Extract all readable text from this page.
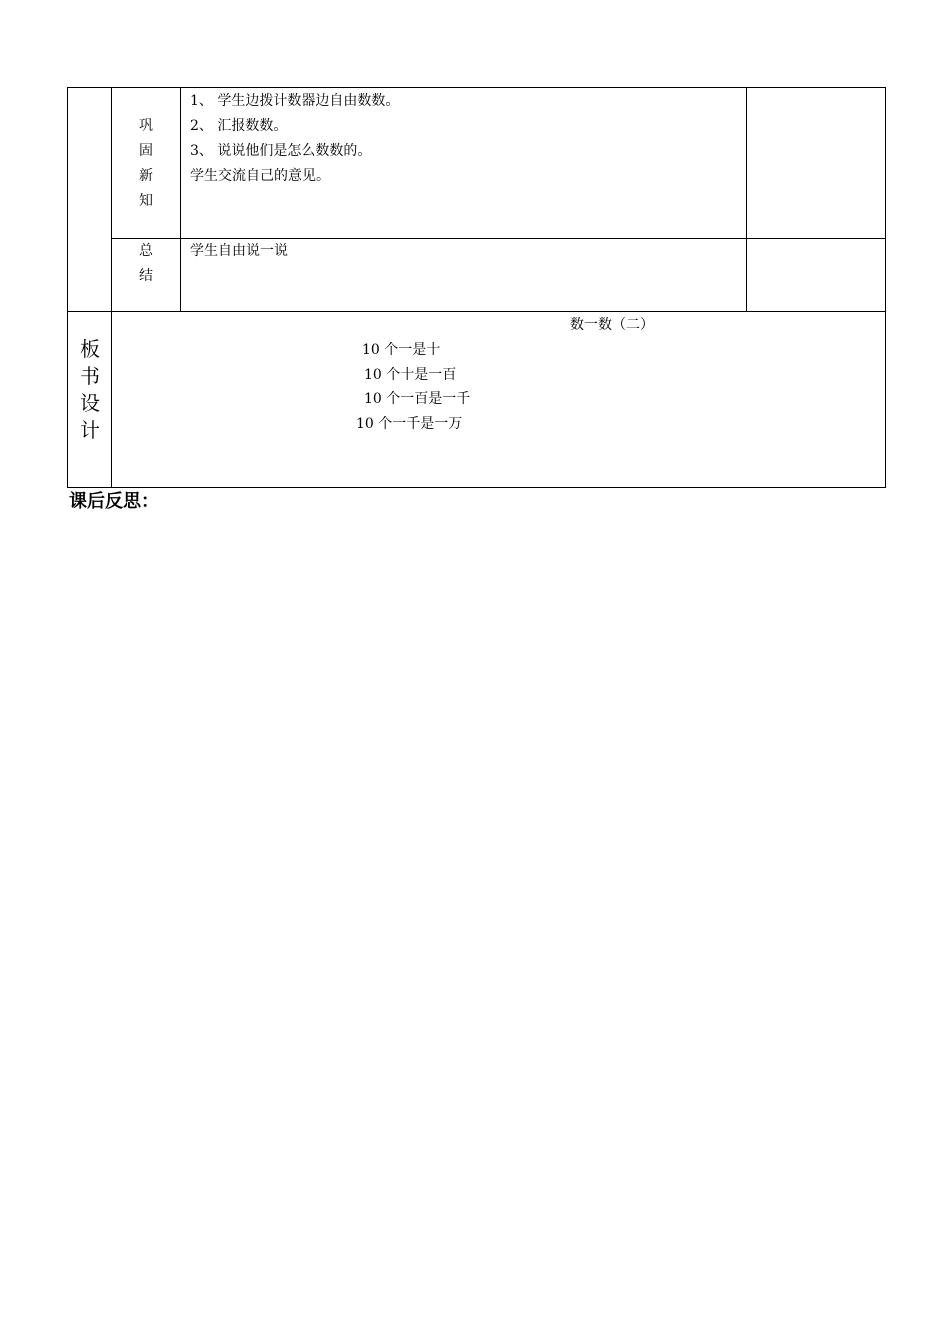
巩
固
新
知
1、 学生边拨计数器边自由数数。
2、 汇报数数。
3、 说说他们是怎么数数的。
学生交流自己的意见。
总
结
学生自由说一说
板
书
设
计
数一数（二）
10 个一是十
10 个十是一百
10 个一百是一千
10 个一千是一万
课后反思：
